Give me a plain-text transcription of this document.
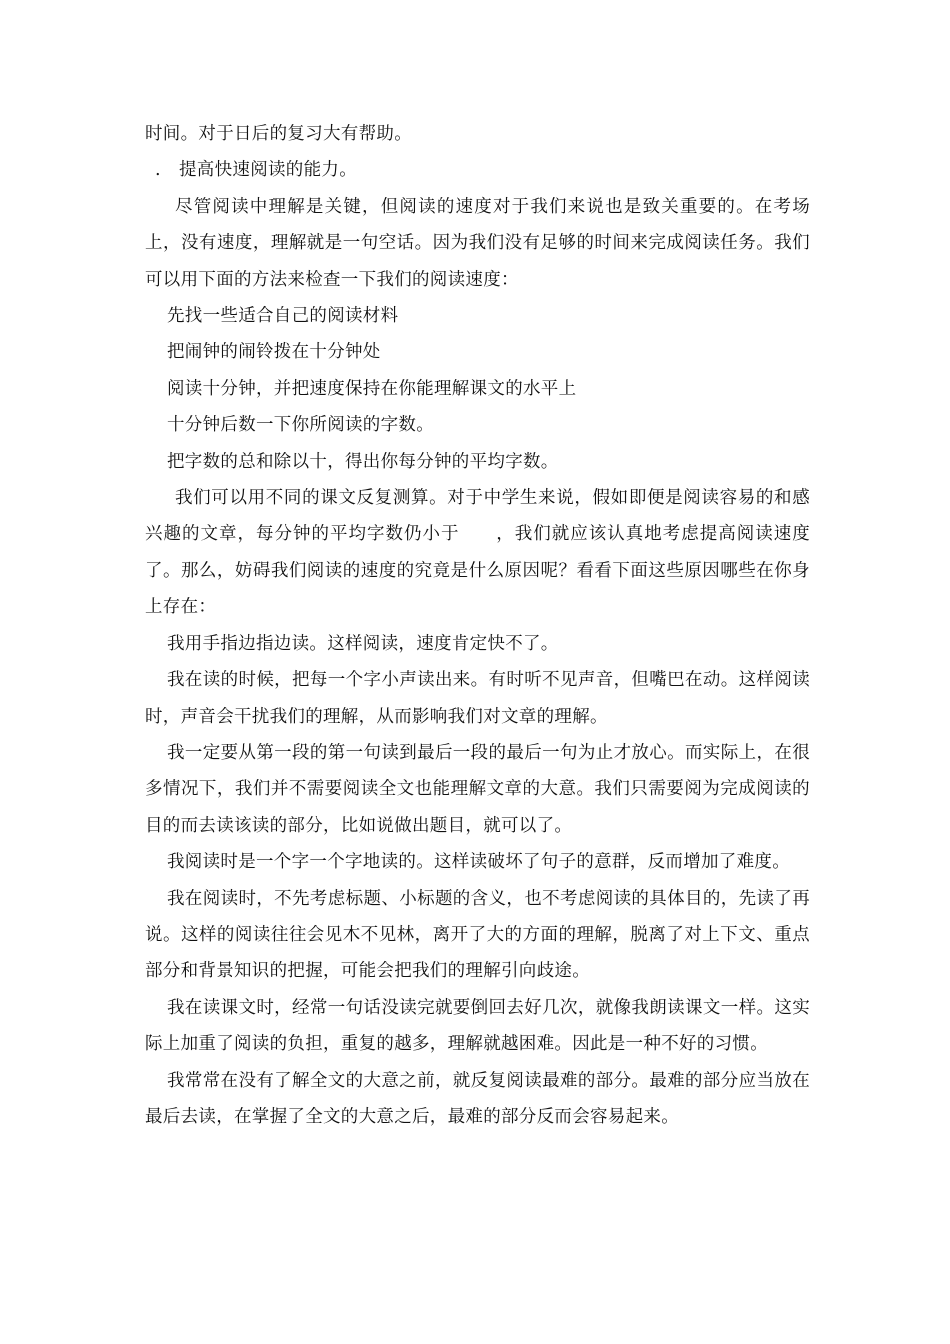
时间。对于日后的复习大有帮助。

.	提高快速阅读的能力。

尽管阅读中理解是关键，但阅读的速度对于我们来说也是致关重要的。在考场上，没有速度，理解就是一句空话。因为我们没有足够的时间来完成阅读任务。我们可以用下面的方法来检查一下我们的阅读速度：

先找一些适合自己的阅读材料

把闹钟的闹铃拨在十分钟处

阅读十分钟，并把速度保持在你能理解课文的水平上

十分钟后数一下你所阅读的字数。

把字数的总和除以十，得出你每分钟的平均字数。

我们可以用不同的课文反复测算。对于中学生来说，假如即便是阅读容易的和感兴趣的文章，每分钟的平均字数仍小于 ，我们就应该认真地考虑提高阅读速度了。那么，妨碍我们阅读的速度的究竟是什么原因呢？看看下面这些原因哪些在你身上存在：

我用手指边指边读。这样阅读，速度肯定快不了。

我在读的时候，把每一个字小声读出来。有时听不见声音，但嘴巴在动。这样阅读时，声音会干扰我们的理解，从而影响我们对文章的理解。

我一定要从第一段的第一句读到最后一段的最后一句为止才放心。而实际上，在很多情况下，我们并不需要阅读全文也能理解文章的大意。我们只需要阅为完成阅读的目的而去读该读的部分，比如说做出题目，就可以了。

我阅读时是一个字一个字地读的。这样读破坏了句子的意群，反而增加了难度。

我在阅读时，不先考虑标题、小标题的含义，也不考虑阅读的具体目的，先读了再说。这样的阅读往往会见木不见林，离开了大的方面的理解，脱离了对上下文、重点部分和背景知识的把握，可能会把我们的理解引向歧途。

我在读课文时，经常一句话没读完就要倒回去好几次，就像我朗读课文一样。这实际上加重了阅读的负担，重复的越多，理解就越困难。因此是一种不好的习惯。

我常常在没有了解全文的大意之前，就反复阅读最难的部分。最难的部分应当放在最后去读，在掌握了全文的大意之后，最难的部分反而会容易起来。
